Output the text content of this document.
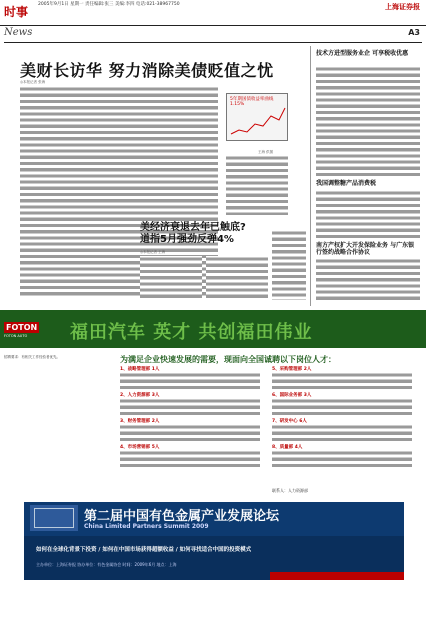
时事
2005年9月1日 星期一 责任编辑:张三 美编:李四 电话:021-38967750	上海证券报
News	A3
美财长访华 努力消除美债贬值之忧
◎本报记者 张海
5年期国债收益率曲线 1.15%
王海 供图
美经济衰退去年已触底?
道指5月强劲反弹4%
◎本报记者 王海
技术方进型服务业企 可享税收优惠
我国调整糖产品消费税
南方产权扩大开发保险业务 与广东银行签约战略合作协议
FOTON
FOTON AUTO 福田汽车 英才 共创福田伟业
招聘要求：有相关工作经验者优先。	为满足企业快速发展的需要，现面向全国诚聘以下岗位人才：
1、战略管理部 1人
2、人力资源部 3人
3、财务管理部 2人
4、市场营销部 5人
5、采购管理部 2人
6、国际业务部 3人
7、研发中心 6人
8、质量部 4人
联系人：人力资源部
第二届中国有色金属产业发展论坛
China Limited Partners Summit 2009
如何在全球化背景下投资 / 如何在中国市场获得超额收益 / 如何寻找适合中国的投资模式
主办单位：上海证券报 协办单位：有色金属协会 时间：2009年6月 地点：上海
